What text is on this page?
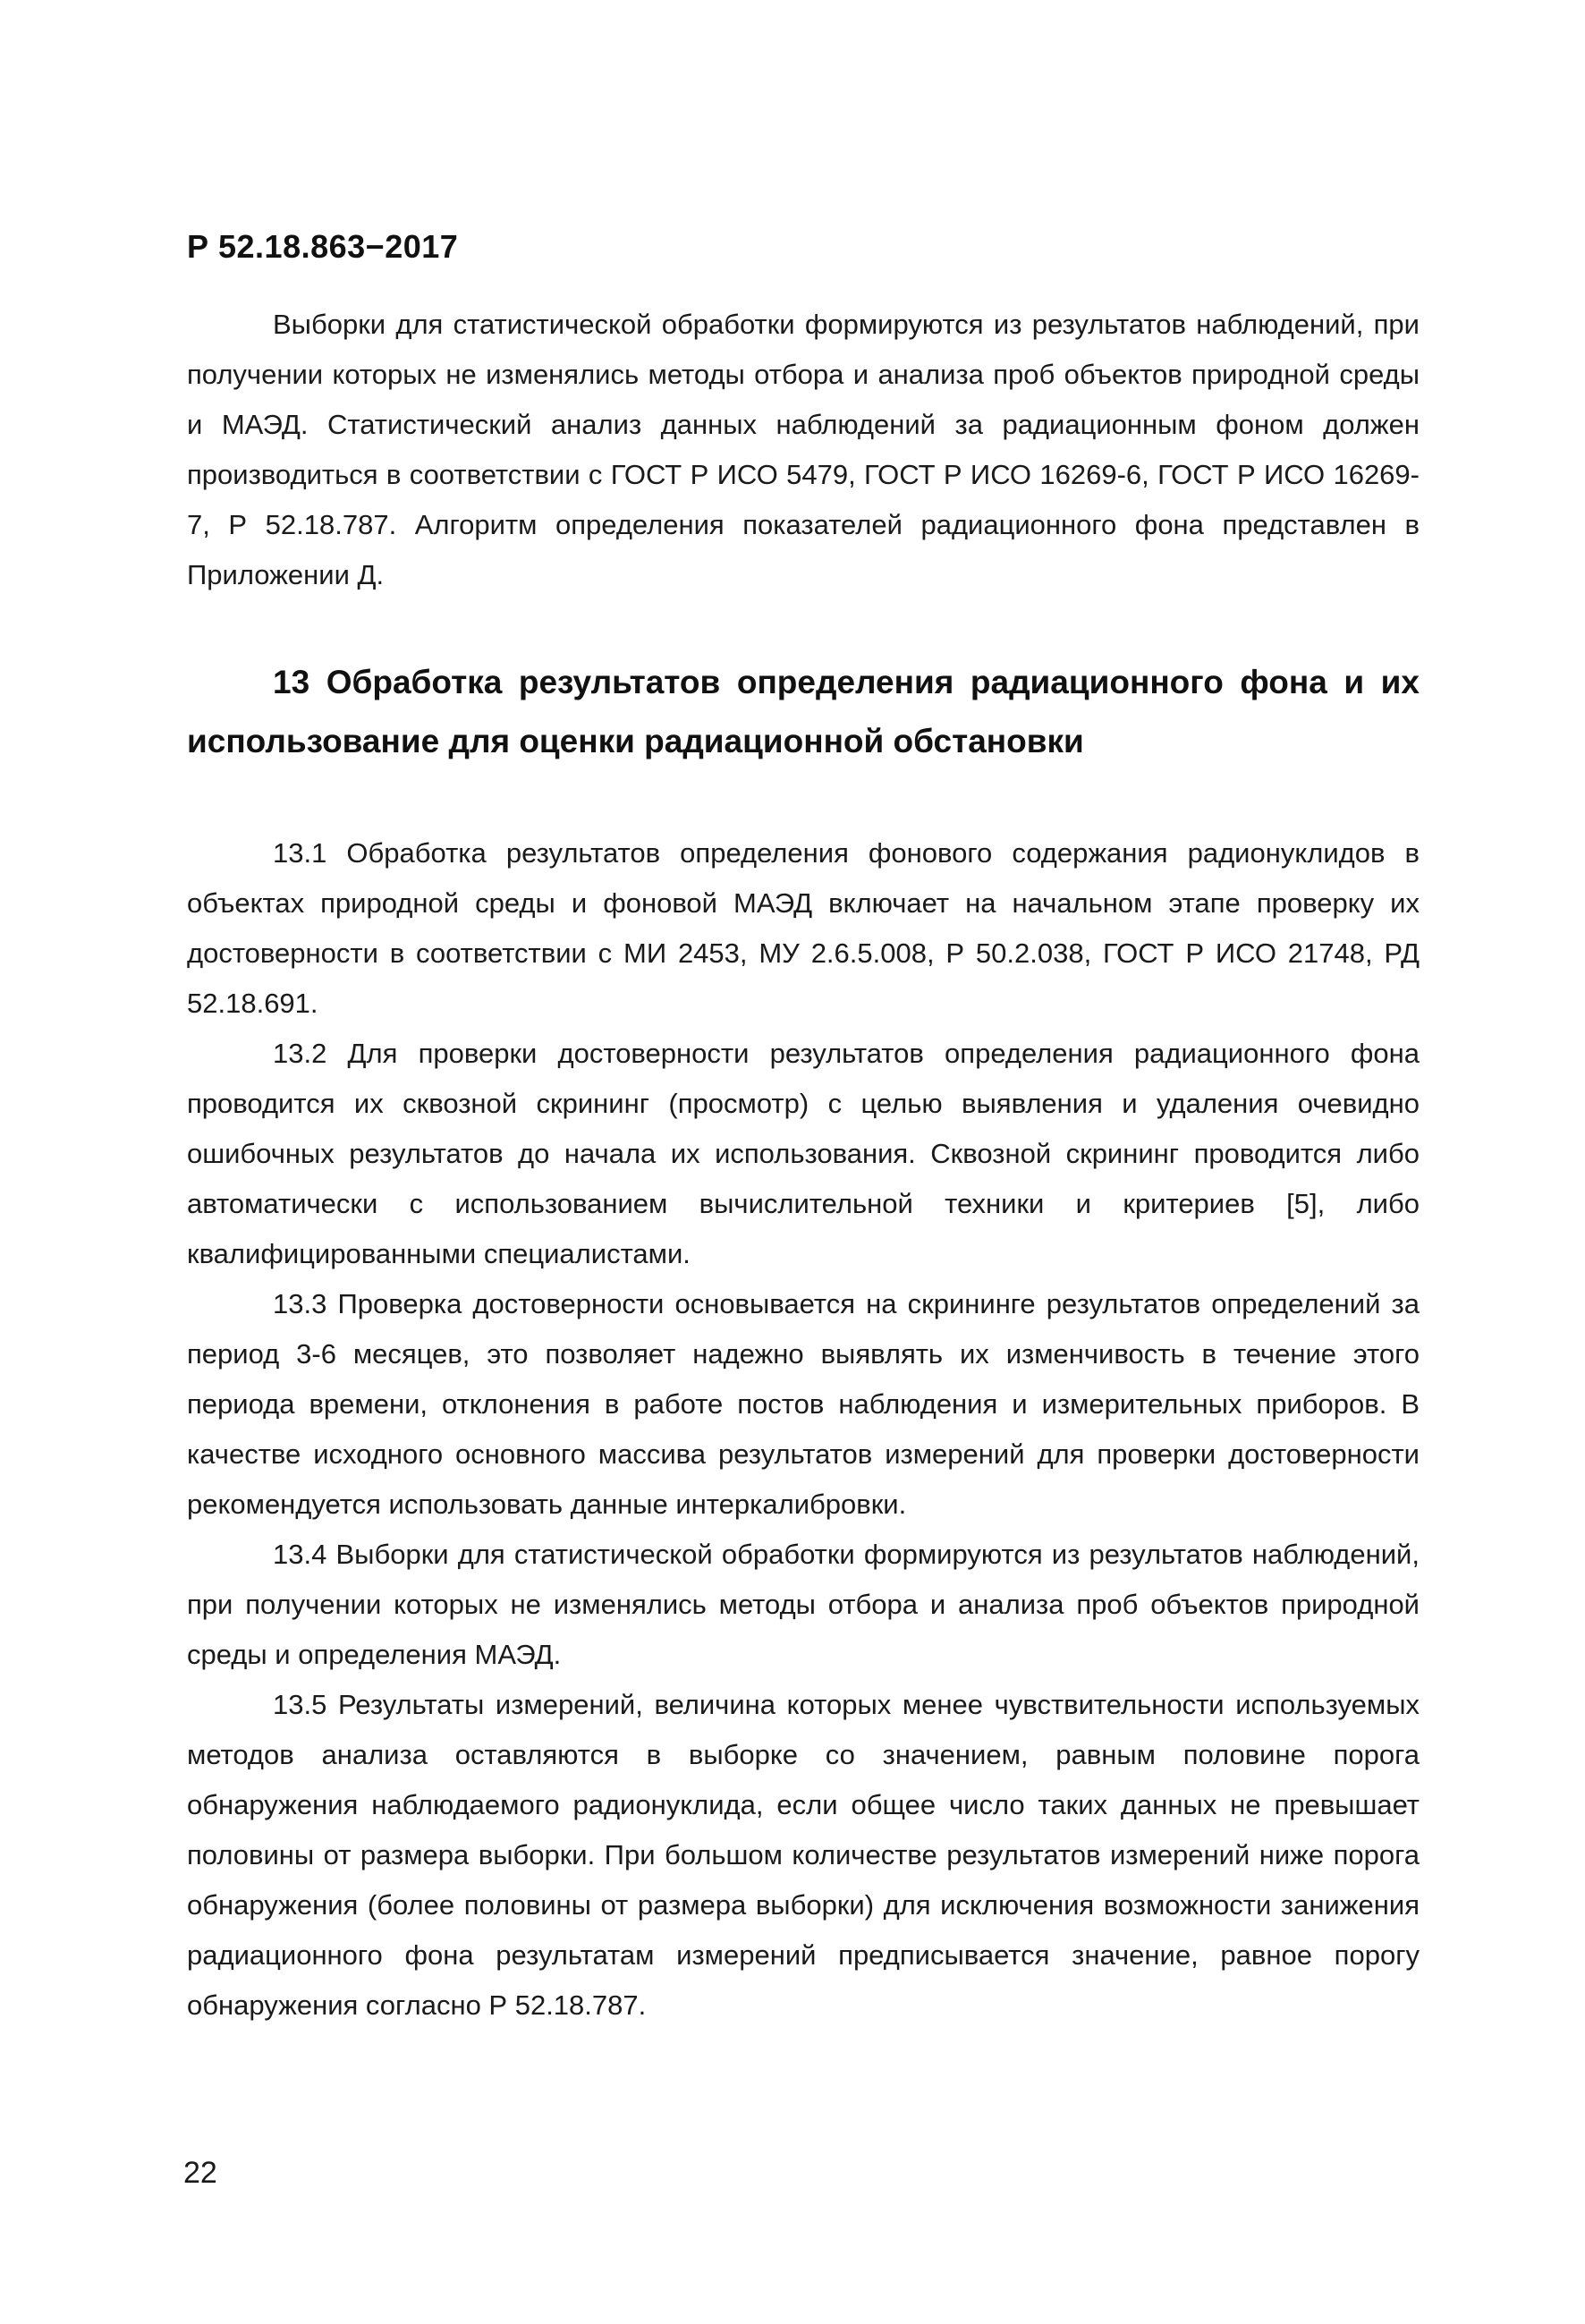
Р 52.18.863−2017

Выборки для статистической обработки формируются из результатов наблюдений, при получении которых не изменялись методы отбора и анализа проб объектов природной среды и МАЭД. Статистический анализ данных наблюдений за радиационным фоном должен производиться в соответствии с ГОСТ Р ИСО 5479, ГОСТ Р ИСО 16269-6, ГОСТ Р ИСО 16269-7, Р 52.18.787. Алгоритм определения показателей радиационного фона представлен в Приложении Д.

13 Обработка результатов определения радиационного фона и их использование для оценки радиационной обстановки

13.1 Обработка результатов определения фонового содержания радионуклидов в объектах природной среды и фоновой МАЭД включает на начальном этапе проверку их достоверности в соответствии с МИ 2453, МУ 2.6.5.008, Р 50.2.038, ГОСТ Р ИСО 21748, РД 52.18.691.

13.2 Для проверки достоверности результатов определения радиационного фона проводится их сквозной скрининг (просмотр) с целью выявления и удаления очевидно ошибочных результатов до начала их использования. Сквозной скрининг проводится либо автоматически с использованием вычислительной техники и критериев [5], либо квалифицированными специалистами.

13.3 Проверка достоверности основывается на скрининге результатов определений за период 3-6 месяцев, это позволяет надежно выявлять их изменчивость в течение этого периода времени, отклонения в работе постов наблюдения и измерительных приборов. В качестве исходного основного массива результатов измерений для проверки достоверности рекомендуется использовать данные интеркалибровки.

13.4 Выборки для статистической обработки формируются из результатов наблюдений, при получении которых не изменялись методы отбора и анализа проб объектов природной среды и определения МАЭД.

13.5 Результаты измерений, величина которых менее чувствительности используемых методов анализа оставляются в выборке со значением, равным половине порога обнаружения наблюдаемого радионуклида, если общее число таких данных не превышает половины от размера выборки. При большом количестве результатов измерений ниже порога обнаружения (более половины от размера выборки) для исключения возможности занижения радиационного фона результатам измерений предписывается значение, равное порогу обнаружения согласно Р 52.18.787.

22
